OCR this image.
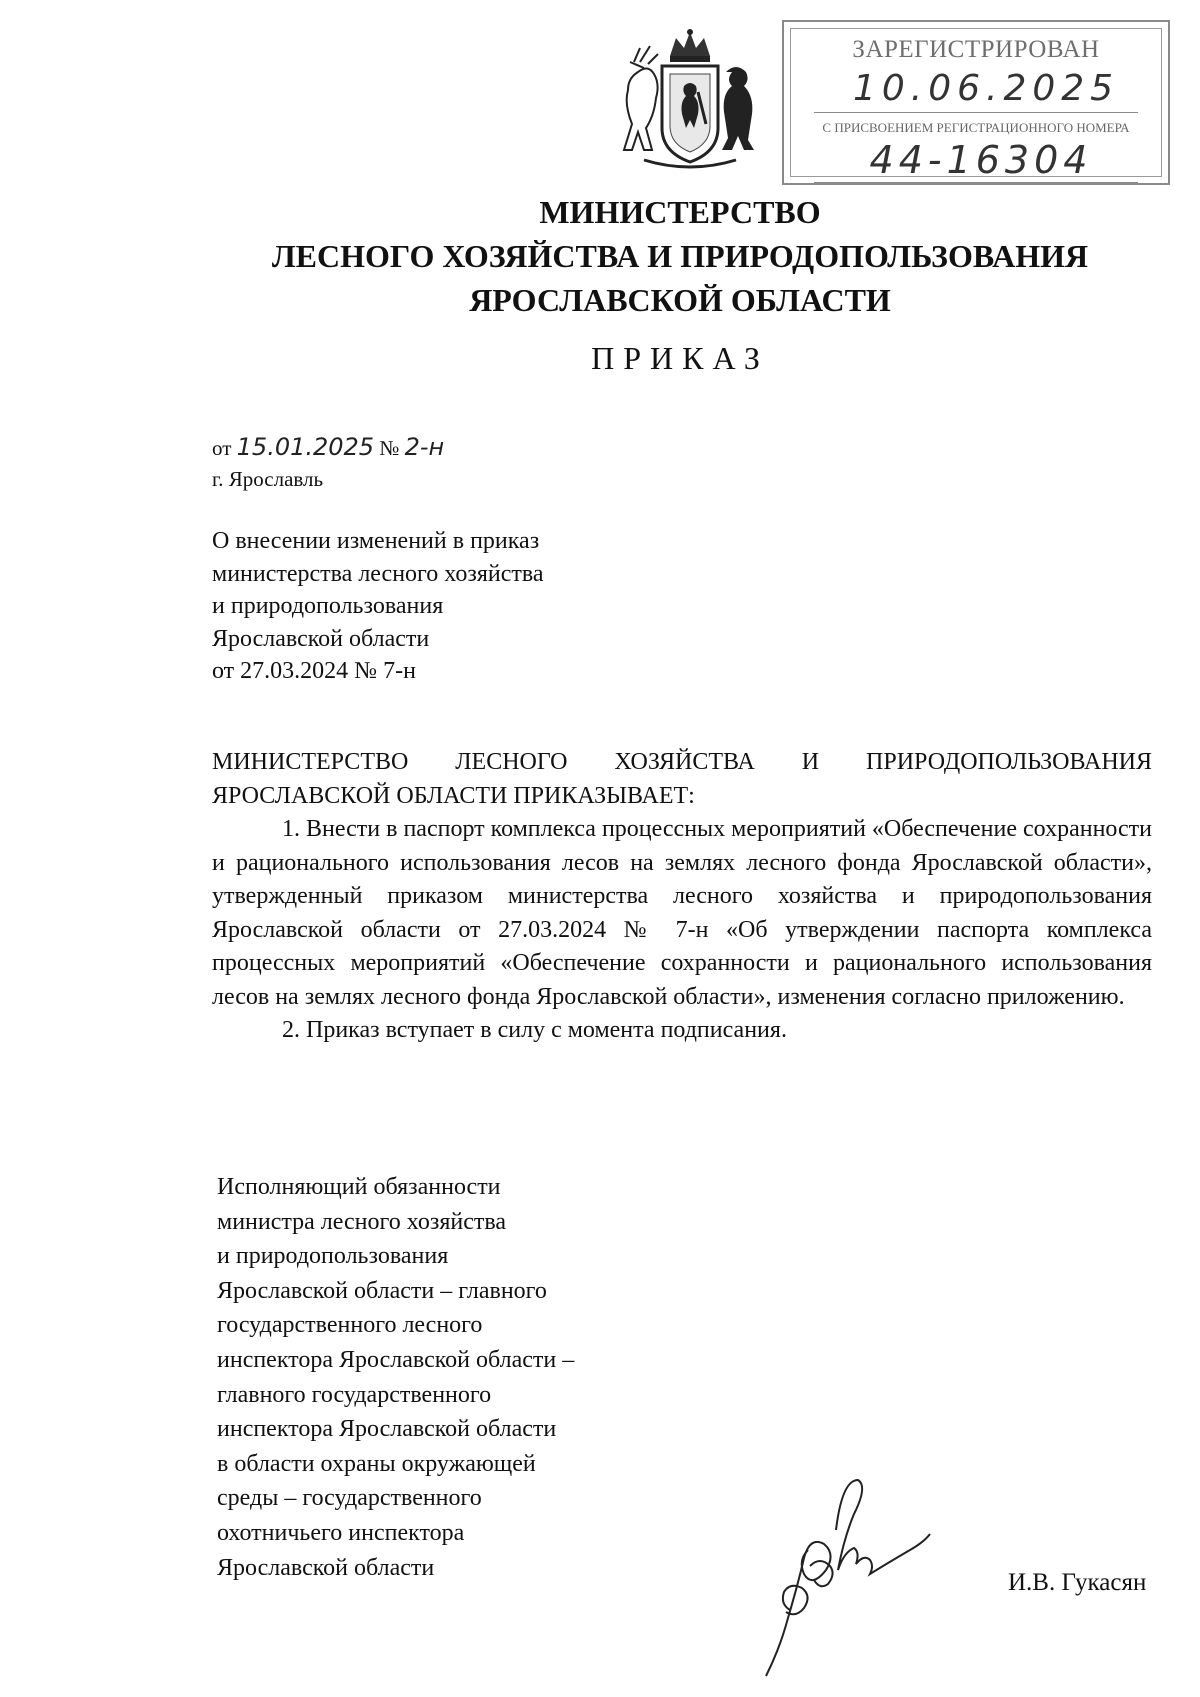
ЗАРЕГИСТРИРОВАН
10.06.2025
С ПРИСВОЕНИЕМ РЕГИСТРАЦИОННОГО НОМЕРА
44-16304
МИНИСТЕРСТВО
ЛЕСНОГО ХОЗЯЙСТВА И ПРИРОДОПОЛЬЗОВАНИЯ
ЯРОСЛАВСКОЙ ОБЛАСТИ
ПРИКАЗ
от 15.01.2025 № 2-н
г. Ярославль
О внесении изменений в приказ
министерства лесного хозяйства
и природопользования
Ярославской области
от 27.03.2024 № 7-н

МИНИСТЕРСТВО ЛЕСНОГО ХОЗЯЙСТВА И ПРИРОДОПОЛЬЗОВАНИЯ ЯРОСЛАВСКОЙ ОБЛАСТИ ПРИКАЗЫВАЕТ:

1. Внести в паспорт комплекса процессных мероприятий «Обеспечение сохранности и рационального использования лесов на землях лесного фонда Ярославской области», утвержденный приказом министерства лесного хозяйства и природопользования Ярославской области от 27.03.2024 № 7-н «Об утверждении паспорта комплекса процессных мероприятий «Обеспечение сохранности и рационального использования лесов на землях лесного фонда Ярославской области», изменения согласно приложению.

2. Приказ вступает в силу с момента подписания.

Исполняющий обязанности
министра лесного хозяйства
и природопользования
Ярославской области – главного
государственного лесного
инспектора Ярославской области –
главного государственного
инспектора Ярославской области
в области охраны окружающей
среды – государственного
охотничьего инспектора
Ярославской области
И.В. Гукасян
